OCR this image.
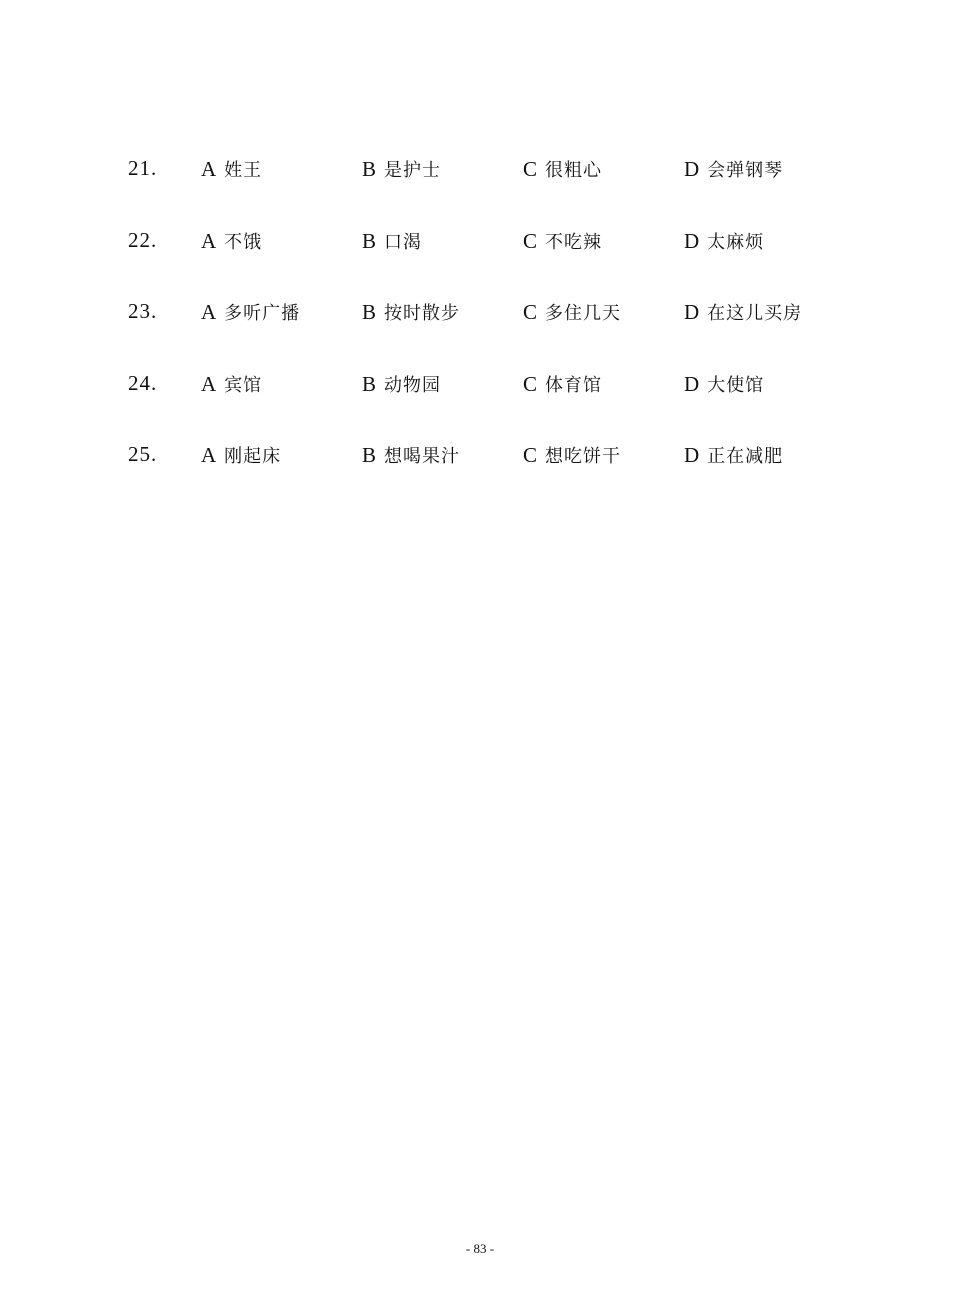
21. A 姓王	B 是护士	C 很粗心	D 会弹钢琴
22. A 不饿	B 口渴	C 不吃辣	D 太麻烦
23. A 多听广播	B 按时散步	C 多住几天	D 在这儿买房
24. A 宾馆	B 动物园	C 体育馆	D 大使馆
25. A 刚起床	B 想喝果汁	C 想吃饼干	D 正在减肥
- 83 -
